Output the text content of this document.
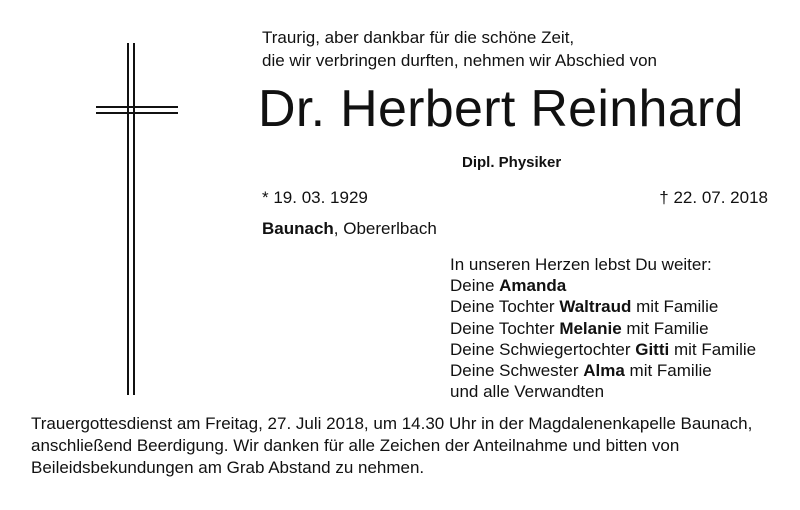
Traurig, aber dankbar für die schöne Zeit,
die wir verbringen durften, nehmen wir Abschied von
Dr. Herbert Reinhard
Dipl. Physiker
* 19. 03. 1929	† 22. 07. 2018
Baunach, Obererlbach
In unseren Herzen lebst Du weiter:
Deine Amanda
Deine Tochter Waltraud mit Familie
Deine Tochter Melanie mit Familie
Deine Schwiegertochter Gitti mit Familie
Deine Schwester Alma mit Familie
und alle Verwandten
Trauergottesdienst am Freitag, 27. Juli 2018, um 14.30 Uhr in der Magdalenenkapelle Baunach,
anschließend Beerdigung. Wir danken für alle Zeichen der Anteilnahme und bitten von
Beileidsbekundungen am Grab Abstand zu nehmen.
